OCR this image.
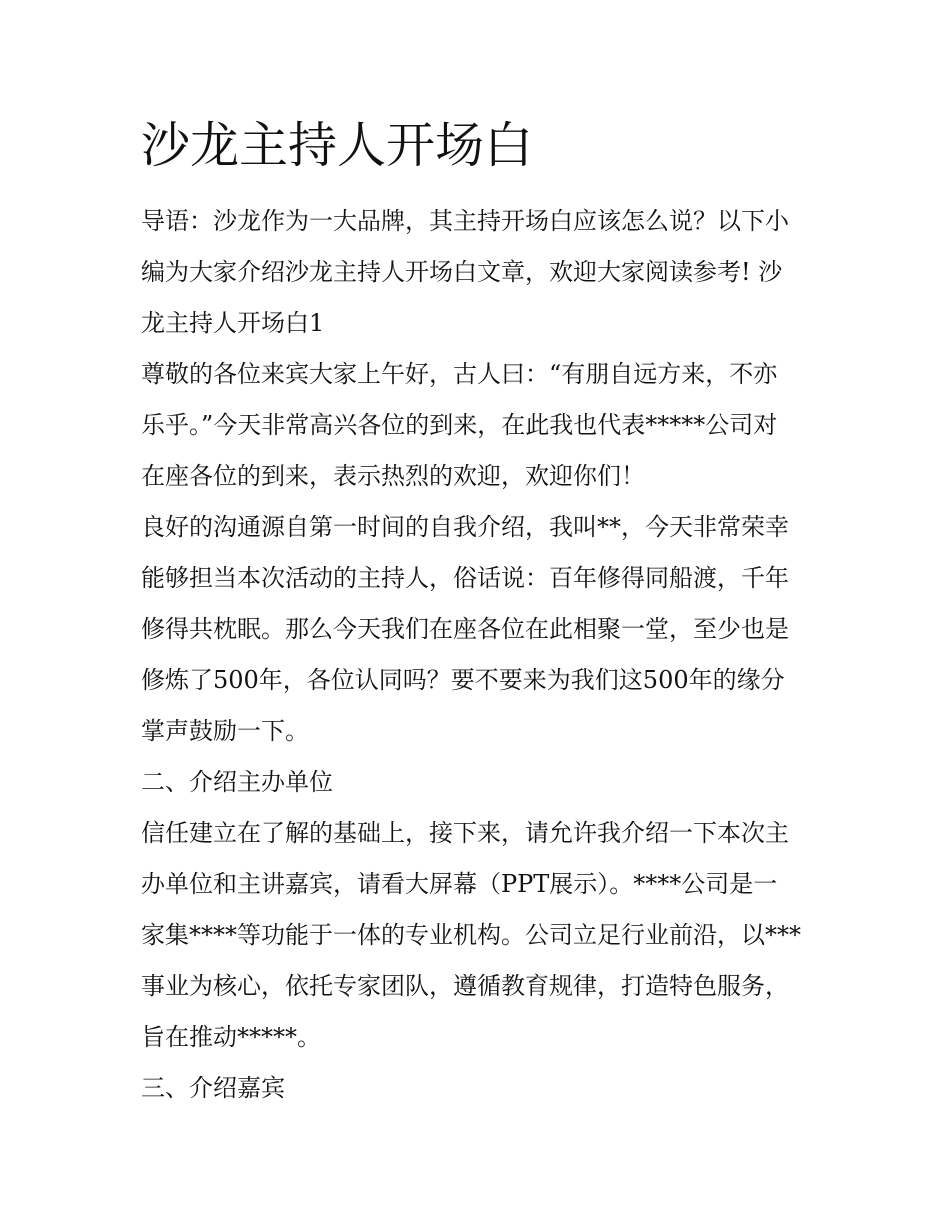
沙龙主持人开场白

导语：沙龙作为一大品牌，其主持开场白应该怎么说？以下小

编为大家介绍沙龙主持人开场白文章，欢迎大家阅读参考! 沙

龙主持人开场白1

尊敬的各位来宾大家上午好，古人曰：“有朋自远方来，不亦

乐乎。”今天非常高兴各位的到来，在此我也代表*****公司对

在座各位的到来，表示热烈的欢迎，欢迎你们！

良好的沟通源自第一时间的自我介绍，我叫**，今天非常荣幸

能够担当本次活动的主持人，俗话说：百年修得同船渡，千年

修得共枕眠。那么今天我们在座各位在此相聚一堂，至少也是

修炼了500年，各位认同吗？要不要来为我们这500年的缘分

掌声鼓励一下。

二、介绍主办单位

信任建立在了解的基础上，接下来，请允许我介绍一下本次主

办单位和主讲嘉宾，请看大屏幕（PPT展示）。****公司是一

家集****等功能于一体的专业机构。公司立足行业前沿，以***

事业为核心，依托专家团队，遵循教育规律，打造特色服务，

旨在推动*****。

三、介绍嘉宾
